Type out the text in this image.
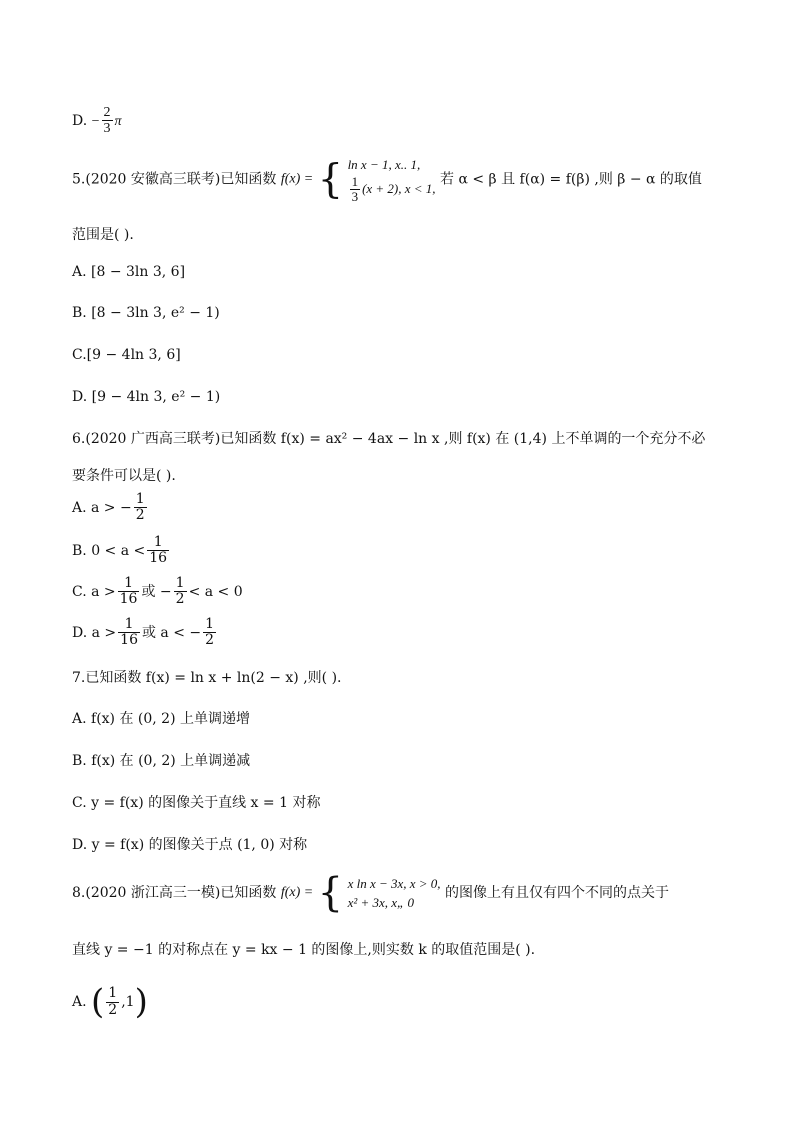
D. − $\frac{2}{3}$ π
5.(2020 安徽高三联考)已知函数 f(x) = { ln x − 1, x.. 1,
$\frac{1}{3} (x + 2)$, x < 1,
若 α < β 且 f(α) = f(β) ,则 β − α 的取值
范围是( ).
A. [8 − 3ln 3, 6]
B. [8 − 3ln 3, e² − 1)
C.[9 − 4ln 3, 6]
D. [9 − 4ln 3, e² − 1)
6.(2020 广西高三联考)已知函数 f(x) = ax² − 4ax − ln x ,则 f(x) 在 (1,4) 上不单调的一个充分不必
要条件可以是( ).
A. a > − $\frac{1}{2}$
B. $0 < a < \frac{1}{16}$
C. $a > \frac{1}{16}$ 或 − $\frac{1}{2} < a < 0$
D. $a > \frac{1}{16}$ 或 a < − $\frac{1}{2}$
7.已知函数 f(x) = ln x + ln(2 − x) ,则( ).
A. f(x) 在 (0, 2) 上单调递增
B. f(x) 在 (0, 2) 上单调递减
C. y = f(x) 的图像关于直线 x = 1 对称
D. y = f(x) 的图像关于点 (1, 0) 对称
8.(2020 浙江高三一模)已知函数 f(x) = { x ln x − 3x, x > 0,
x² + 3x, x„ 0
的图像上有且仅有四个不同的点关于
直线 y = −1 的对称点在 y = kx − 1 的图像上,则实数 k 的取值范围是( ).
A. ( $\frac{1}{2} ,1$)
